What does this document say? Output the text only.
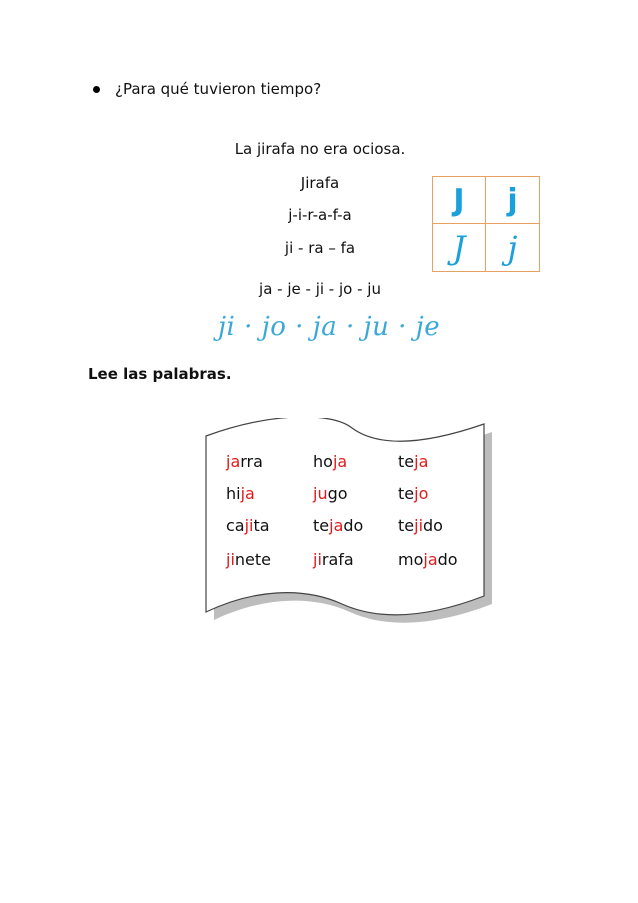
¿Para qué tuvieron tiempo?
La jirafa no era ociosa.
Jirafa
j-i-r-a-f-a
ji - ra – fa
ja - je - ji - jo - ju
J	j
J	j
ji · jo · ja · ju · je
Lee las palabras.
jarra	hoja	teja
hija	jugo	tejo
cajita	tejado tejido
jinete	jirafa	mojado
